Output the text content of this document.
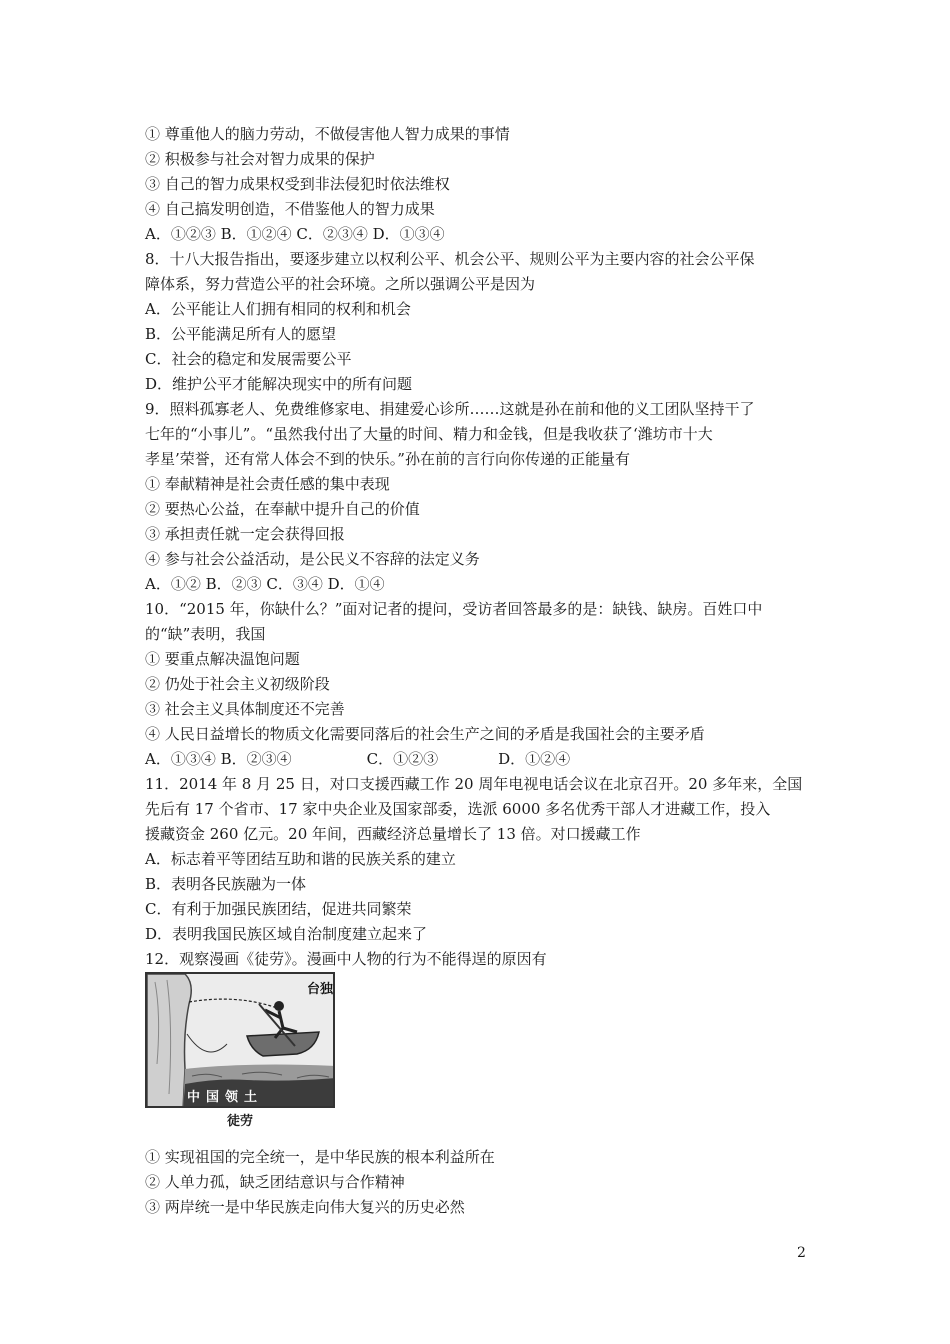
① 尊重他人的脑力劳动，不做侵害他人智力成果的事情
② 积极参与社会对智力成果的保护
③ 自己的智力成果权受到非法侵犯时依法维权
④ 自己搞发明创造，不借鉴他人的智力成果
A．①②③ B．①②④ C．②③④ D．①③④
8．十八大报告指出，要逐步建立以权利公平、机会公平、规则公平为主要内容的社会公平保
障体系，努力营造公平的社会环境。之所以强调公平是因为
A．公平能让人们拥有相同的权利和机会
B．公平能满足所有人的愿望
C．社会的稳定和发展需要公平
D．维护公平才能解决现实中的所有问题
9．照料孤寡老人、免费维修家电、捐建爱心诊所……这就是孙在前和他的义工团队坚持干了
七年的“小事儿”。“虽然我付出了大量的时间、精力和金钱，但是我收获了‘潍坊市十大
孝星’荣誉，还有常人体会不到的快乐。”孙在前的言行向你传递的正能量有
① 奉献精神是社会责任感的集中表现
② 要热心公益，在奉献中提升自己的价值
③ 承担责任就一定会获得回报
④ 参与社会公益活动，是公民义不容辞的法定义务
A．①② B．②③ C．③④ D．①④
10．“2015 年，你缺什么？”面对记者的提问，受访者回答最多的是：缺钱、缺房。百姓口中
的“缺”表明，我国
① 要重点解决温饱问题
② 仍处于社会主义初级阶段
③ 社会主义具体制度还不完善
④ 人民日益增长的物质文化需要同落后的社会生产之间的矛盾是我国社会的主要矛盾
A．①③④ B．②③④　　　　　C．①②③　　　　D．①②④
11．2014 年 8 月 25 日，对口支援西藏工作 20 周年电视电话会议在北京召开。20 多年来，全国
先后有 17 个省市、17 家中央企业及国家部委，选派 6000 多名优秀干部人才进藏工作，投入
援藏资金 260 亿元。20 年间，西藏经济总量增长了 13 倍。对口援藏工作
A．标志着平等团结互助和谐的民族关系的建立
B．表明各民族融为一体
C．有利于加强民族团结，促进共同繁荣
D．表明我国民族区域自治制度建立起来了
12．观察漫画《徒劳》。漫画中人物的行为不能得逞的原因有
台独
中国领土
徒劳
① 实现祖国的完全统一，是中华民族的根本利益所在
② 人单力孤，缺乏团结意识与合作精神
③ 两岸统一是中华民族走向伟大复兴的历史必然
2
